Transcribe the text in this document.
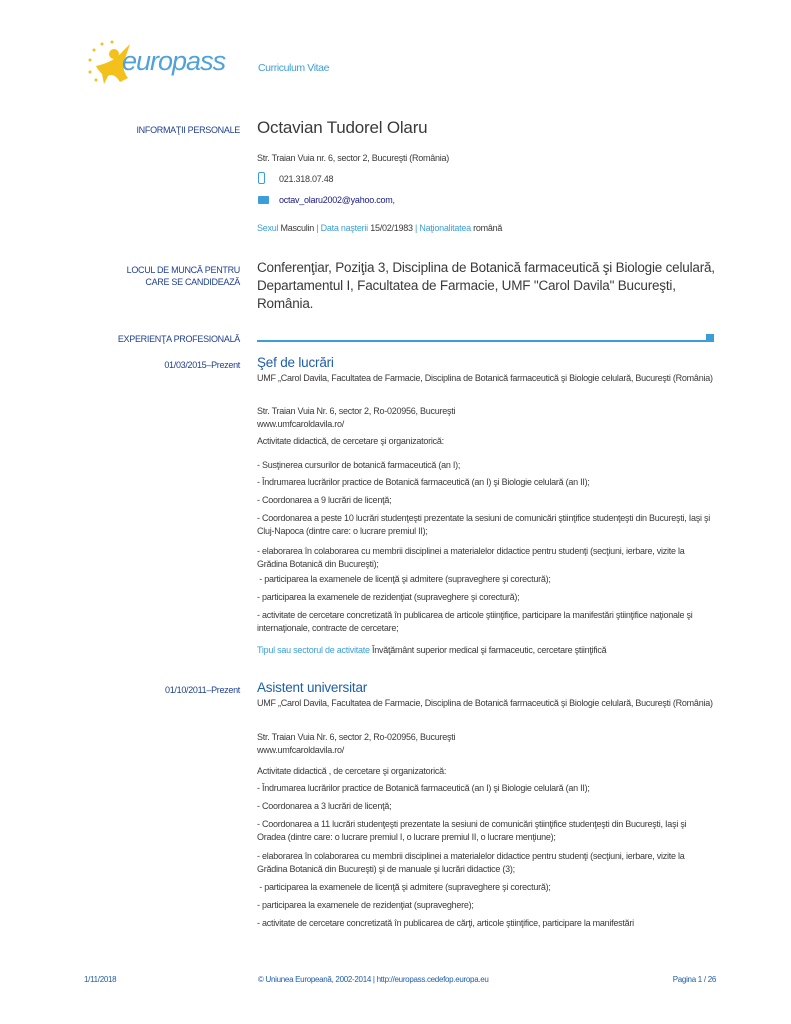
europass	Curriculum Vitae
INFORMAŢII PERSONALE Octavian Tudorel Olaru
Str. Traian Vuia nr. 6, sector 2, Bucureşti (România)
021.318.07.48
octav_olaru2002@yahoo.com,
Sexul Masculin | Data naşterii 15/02/1983 | Naţionalitatea română
LOCUL DE MUNCĂ PENTRU
CARE SE CANDIDEAZĂ
Conferenţiar, Poziţia 3, Disciplina de Botanică farmaceutică şi Biologie celulară, Departamentul I, Facultatea de Farmacie, UMF "Carol Davila" Bucureşti, România.
EXPERIENŢA PROFESIONALĂ
01/03/2015–Prezent Şef de lucrări
UMF „Carol Davila, Facultatea de Farmacie, Disciplina de Botanică farmaceutică şi Biologie celulară, Bucureşti (România)
Str. Traian Vuia Nr. 6, sector 2, Ro-020956, Bucureşti
www.umfcaroldavila.ro/
Activitate didactică, de cercetare şi organizatorică:
- Susţinerea cursurilor de botanică farmaceutică (an I);
- Îndrumarea lucrărilor practice de Botanică farmaceutică (an I) şi Biologie celulară (an II);
- Coordonarea a 9 lucrări de licenţă;
- Coordonarea a peste 10 lucrări studenţeşti prezentate la sesiuni de comunicări ştiinţifice studenţeşti din Bucureşti, Iaşi şi Cluj-Napoca (dintre care: o lucrare premiul II);
- elaborarea în colaborarea cu membrii disciplinei a materialelor didactice pentru studenţi (secţiuni, ierbare, vizite la Grădina Botanică din Bucureşti);
- participarea la examenele de licenţă şi admitere (supraveghere şi corectură);
- participarea la examenele de rezidenţiat (supraveghere şi corectură);
- activitate de cercetare concretizată în publicarea de articole ştiinţifice, participare la manifestări ştiinţifice naţionale şi internaţionale, contracte de cercetare;
Tipul sau sectorul de activitate Învăţământ superior medical şi farmaceutic, cercetare ştiinţifică
01/10/2011–Prezent Asistent universitar
UMF „Carol Davila, Facultatea de Farmacie, Disciplina de Botanică farmaceutică şi Biologie celulară, Bucureşti (România)
Str. Traian Vuia Nr. 6, sector 2, Ro-020956, Bucureşti
www.umfcaroldavila.ro/
Activitate didactică , de cercetare şi organizatorică:
- Îndrumarea lucrărilor practice de Botanică farmaceutică (an I) şi Biologie celulară (an II);
- Coordonarea a 3 lucrări de licenţă;
- Coordonarea a 11 lucrări studenţeşti prezentate la sesiuni de comunicări ştiinţifice studenţeşti din Bucureşti, Iaşi şi Oradea (dintre care: o lucrare premiul I, o lucrare premiul II, o lucrare menţiune);
- elaborarea în colaborarea cu membrii disciplinei a materialelor didactice pentru studenţi (secţiuni, ierbare, vizite la Grădina Botanică din Bucureşti) şi de manuale şi lucrări didactice (3);
- participarea la examenele de licenţă şi admitere (supraveghere şi corectură);
- participarea la examenele de rezidenţiat (supraveghere);
- activitate de cercetare concretizată în publicarea de cărţi, articole ştiinţifice, participare la manifestări
1/11/2018	© Uniunea Europeană, 2002-2014 | http://europass.cedefop.europa.eu	Pagina 1 / 26
